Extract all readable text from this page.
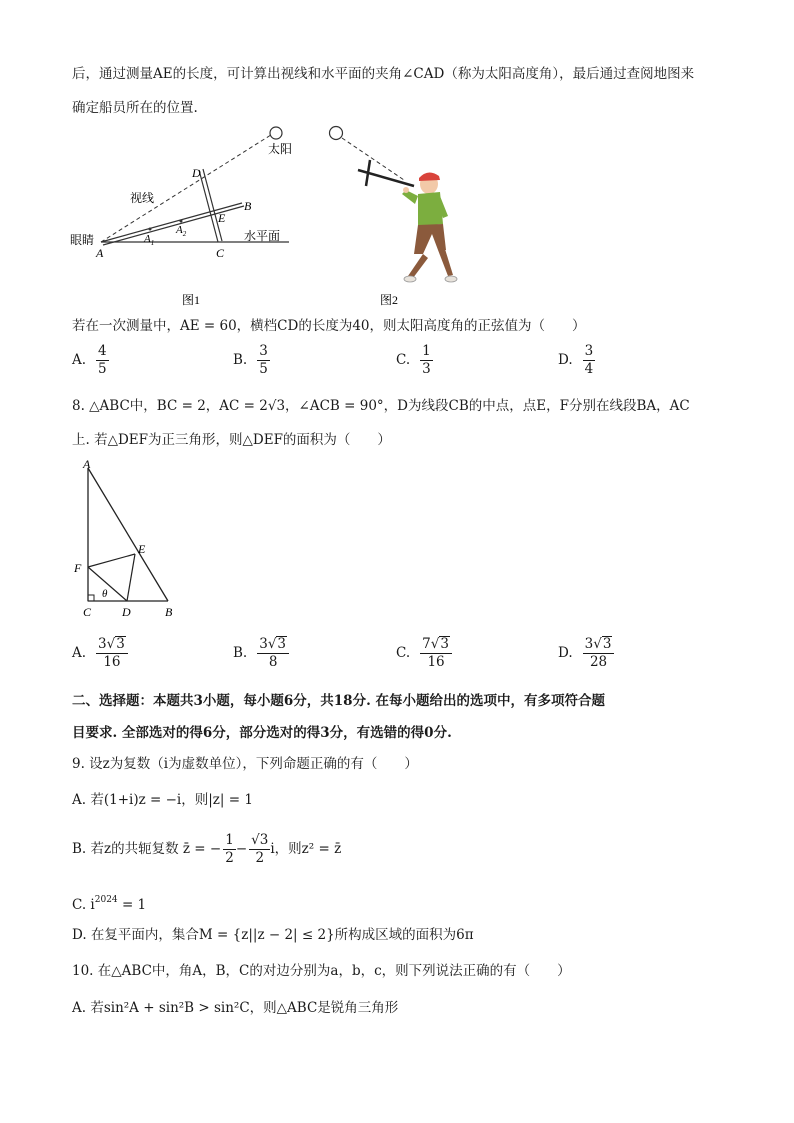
后，通过测量AE的长度，可计算出视线和水平面的夹角∠CAD（称为太阳高度角），最后通过查阅地图来
确定船员所在的位置.
太阳
D
B
E
A	C
$A_1$
$A_2$
视线
眼睛	水平面
图1	图2
若在一次测量中，AE = 60，横档CD的长度为40，则太阳高度角的正弦值为（　　）
A. $\frac{4}{5}$	B. $\frac{3}{5}$	C. $\frac{1}{3}$	D. $\frac{3}{4}$
8. △ABC中，BC = 2，AC = 2√3，∠ACB = 90°，D为线段CB的中点，点E，F分别在线段BA，AC
上. 若△DEF为正三角形，则△DEF的面积为（　　）
A
E
F
θ
C	D	B
A. $\frac{3√3}{16}$	B. $\frac{3√3}{8}$	C. $\frac{7√3}{16}$	D. $\frac{3√3}{28}$
二、选择题：本题共3小题，每小题6分，共18分. 在每小题给出的选项中，有多项符合题
目要求. 全部选对的得6分，部分选对的得3分，有选错的得0分.
9. 设z为复数（i为虚数单位），下列命题正确的有（　　）
A. 若(1+i)z = −i，则|z| = 1
B. 若z的共轭复数 z̄ = − $\frac{1}{2} - \frac{√3}{2}$ i，则z² = z̄
C. $i^{2024} = 1$
D. 在复平面内，集合M = {z||z − 2| ≤ 2}所构成区域的面积为6π
10. 在△ABC中，角A，B，C的对边分别为a，b，c，则下列说法正确的有（　　）
A. 若sin²A + sin²B > sin²C，则△ABC是锐角三角形
